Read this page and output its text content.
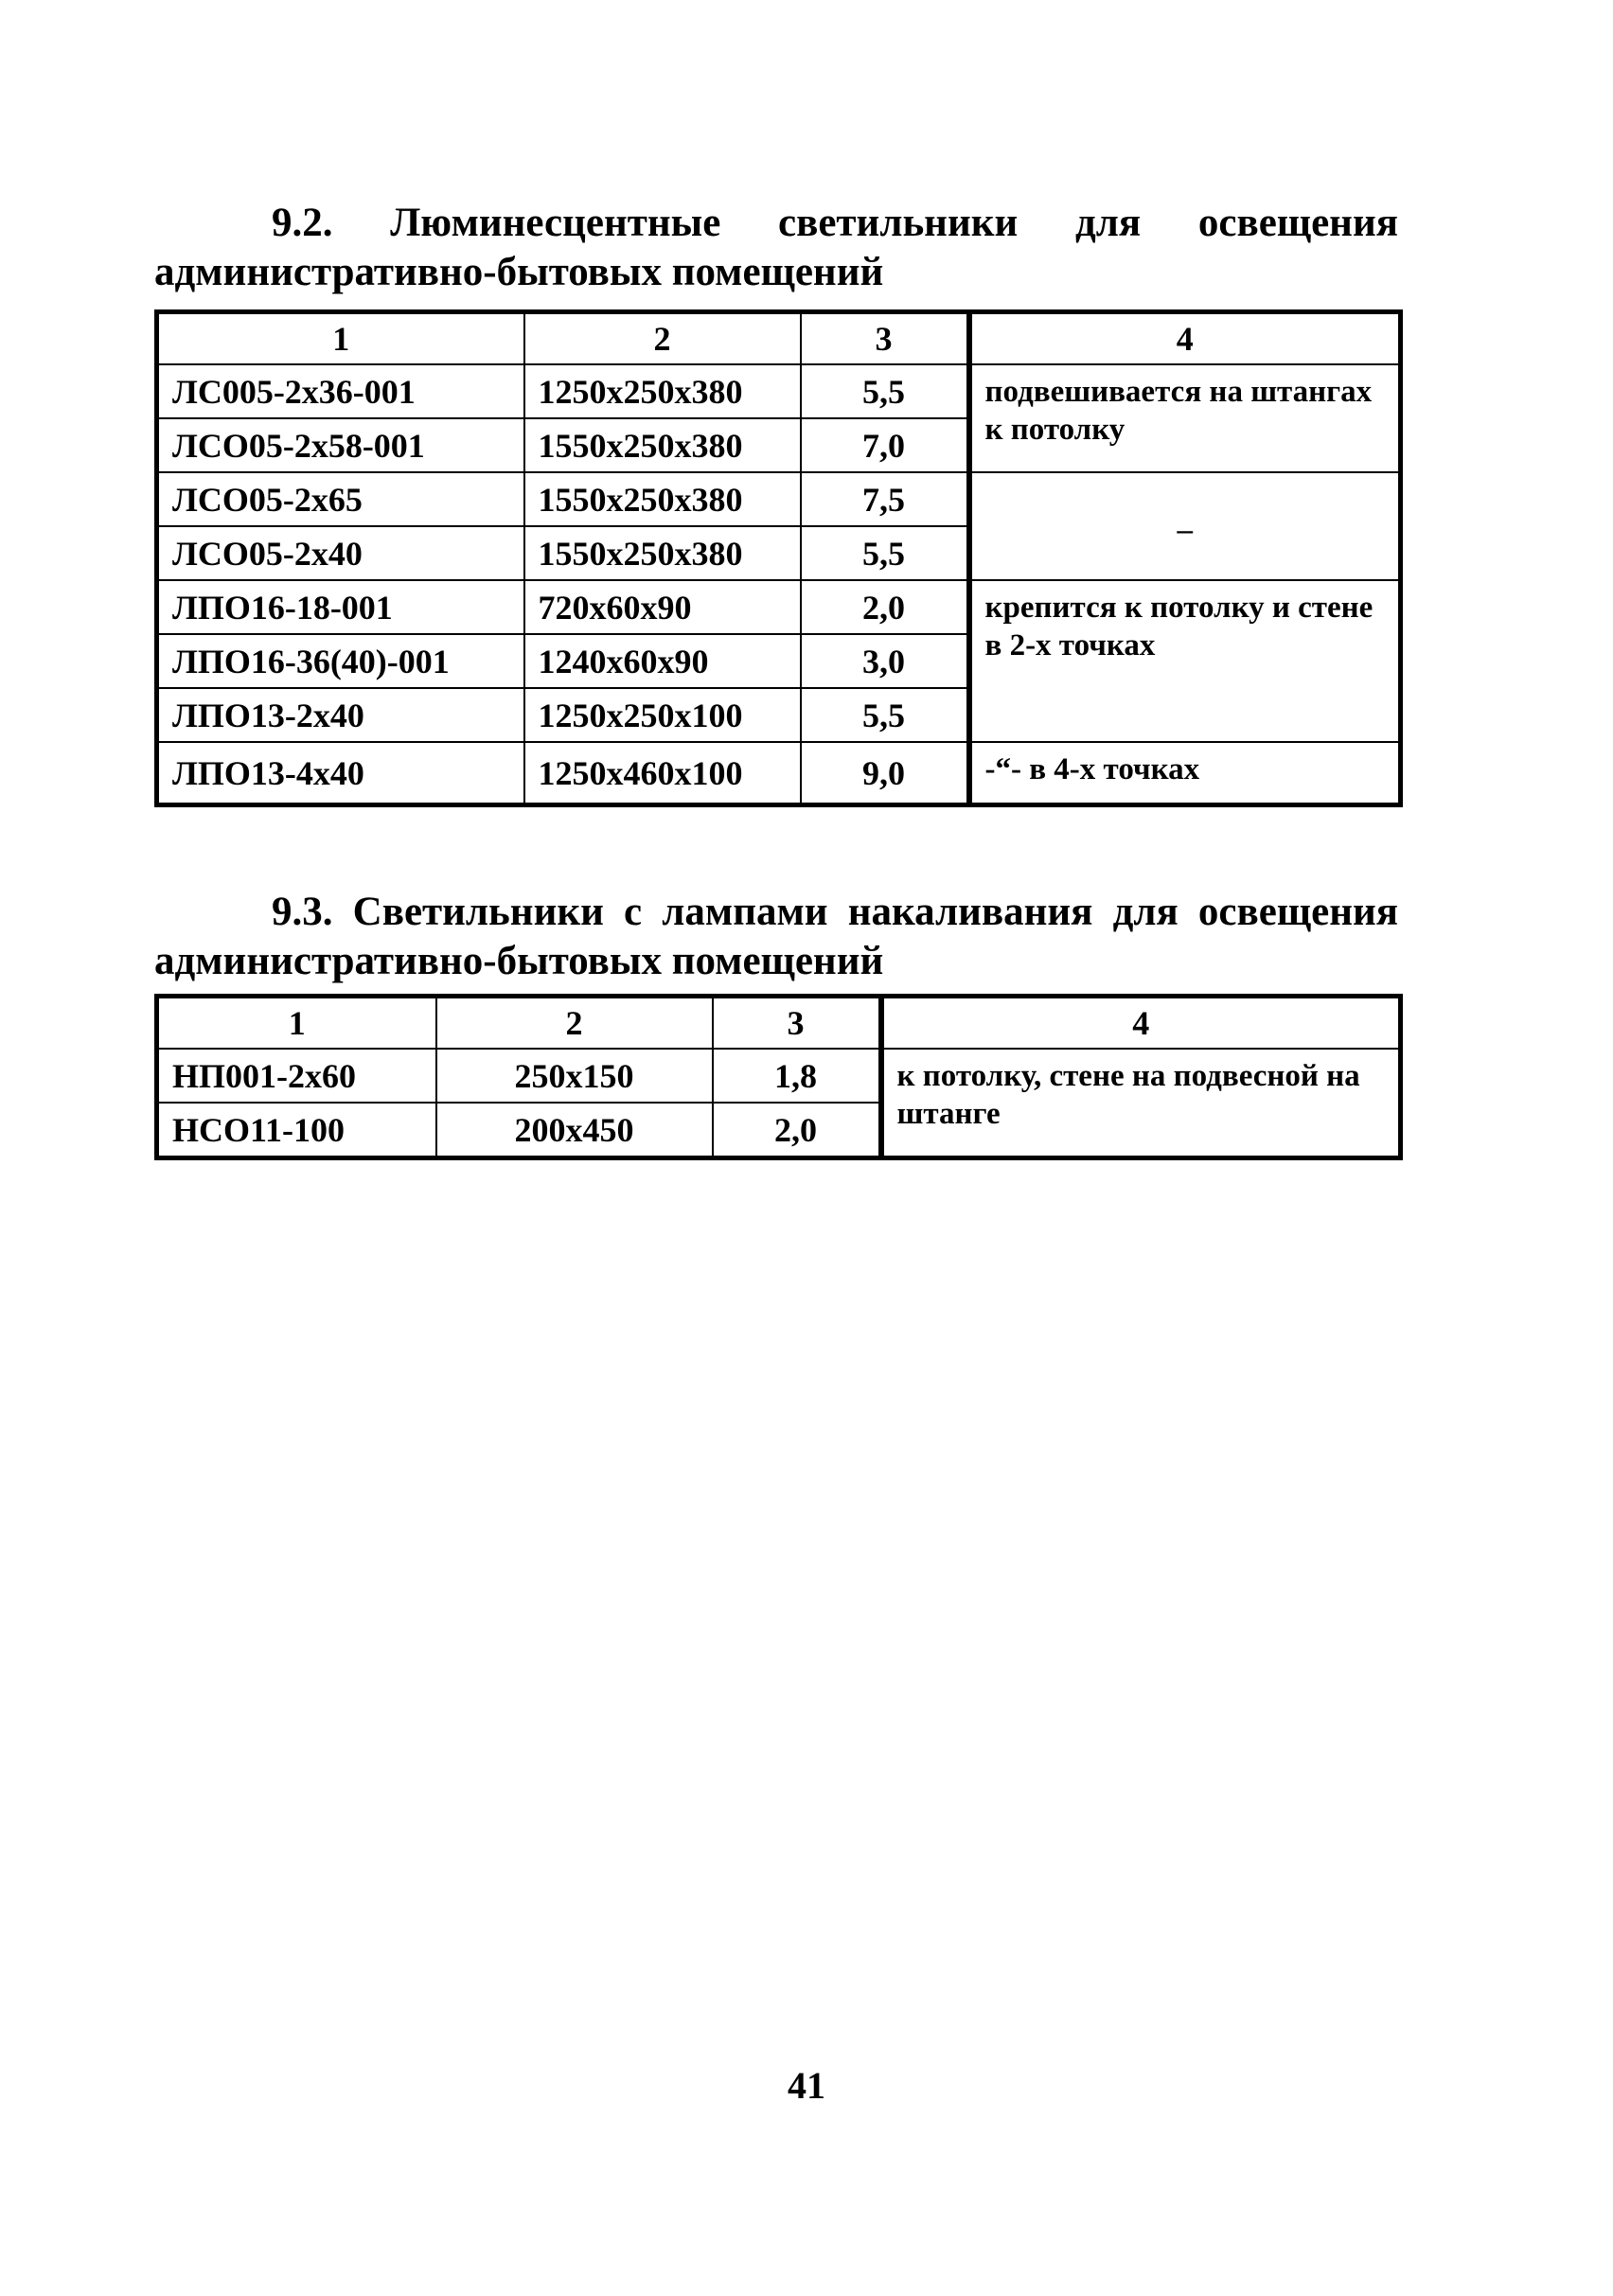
9.2. Люминесцентные светильники для освещения
административно-бытовых помещений
1	2	3	4
ЛС005-2х36-001	1250х250х380	5,5	подвешивается на штангах к потолку
ЛСО05-2х58-001	1550х250х380	7,0	
ЛСО05-2х65	1550х250х380	7,5	–
ЛСО05-2х40	1550х250х380	5,5	
ЛПО16-18-001	720х60х90	2,0	крепится к потолку и стене в 2-х точках
ЛПО16-36(40)-001	1240х60х90	3,0	
ЛПО13-2х40	1250х250х100	5,5	
ЛПО13-4х40	1250х460х100	9,0	-“- в 4-х точках
9.3. Светильники с лампами накаливания для освещения
административно-бытовых помещений
1	2	3	4
НП001-2х60	250х150	1,8	к потолку, стене на подвесной на штанге
НСО11-100	200х450	2,0	
41
